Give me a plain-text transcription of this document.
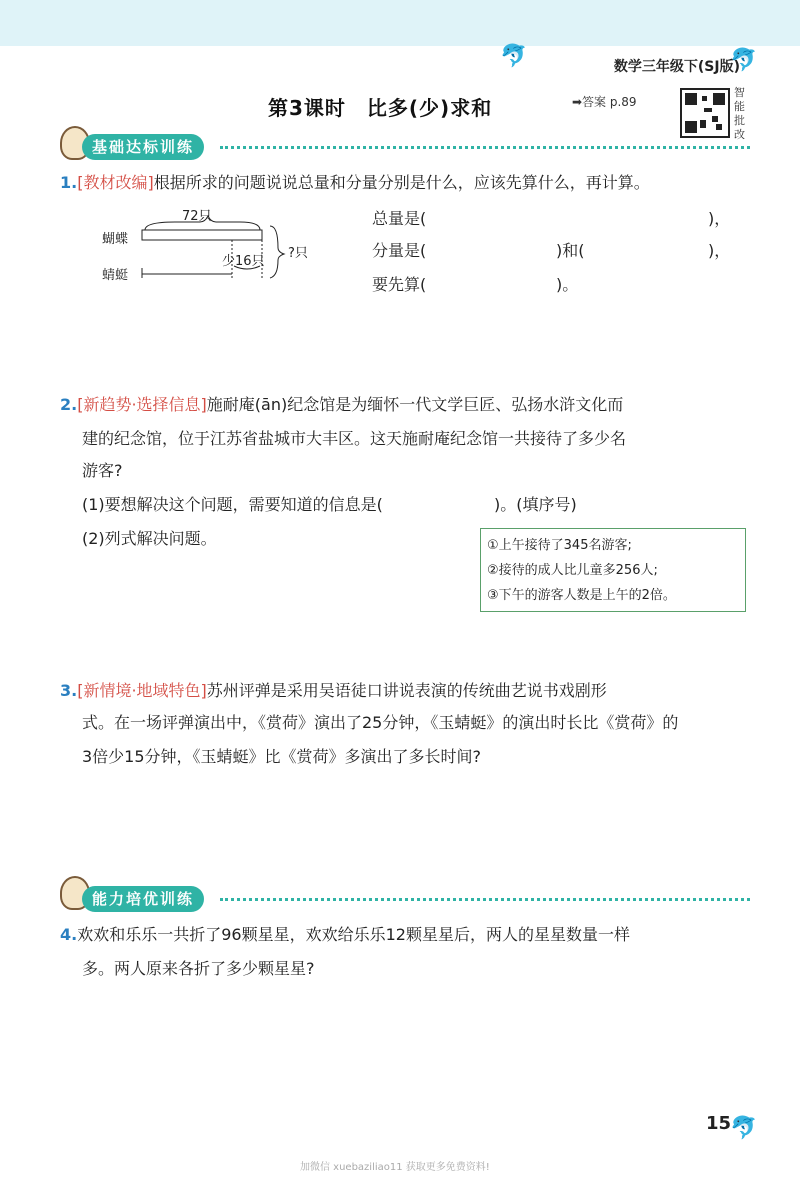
🐬	🐬
数学三年级下(SJ版)
第3课时　比多(少)求和	➡答案 p.89
智能批改
基础达标训练
1.[教材改编]根据所求的问题说说总量和分量分别是什么，应该先算什么，再计算。
72只
蝴蝶
蜻蜓
少16只
?只
总量是(	)，
分量是(	)和(	)，
要先算(	)。
2.[新趋势·选择信息]施耐庵(ān)纪念馆是为缅怀一代文学巨匠、弘扬水浒文化而
建的纪念馆，位于江苏省盐城市大丰区。这天施耐庵纪念馆一共接待了多少名
游客?
(1)要想解决这个问题，需要知道的信息是(	)。(填序号)
(2)列式解决问题。	①上午接待了345名游客;
②接待的成人比儿童多256人;
③下午的游客人数是上午的2倍。
3.[新情境·地域特色]苏州评弹是采用吴语徒口讲说表演的传统曲艺说书戏剧形
式。在一场评弹演出中，《赏荷》演出了25分钟，《玉蜻蜓》的演出时长比《赏荷》的
3倍少15分钟，《玉蜻蜓》比《赏荷》多演出了多长时间?
能力培优训练
4.欢欢和乐乐一共折了96颗星星，欢欢给乐乐12颗星星后，两人的星星数量一样
多。两人原来各折了多少颗星星?
15
🐬
加微信 xuebaziliao11 获取更多免费资料!
